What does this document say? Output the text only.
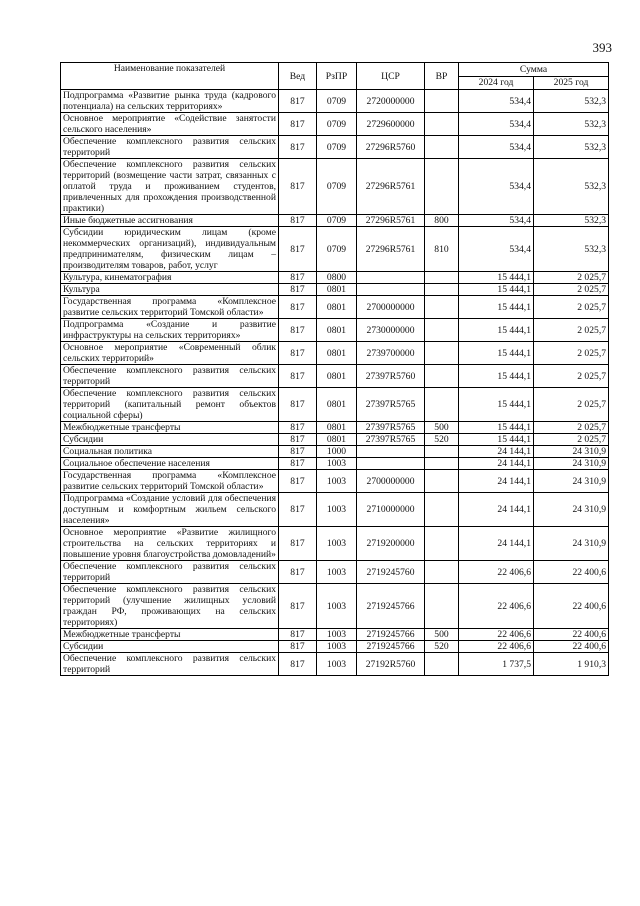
393
Наименование показателей	Вед	РзПР	ЦСР	ВР	Сумма	
					2024 год	2025 год
Подпрограмма «Развитие рынка труда (кадрового потенциала) на сельских территориях»	817	0709	2720000000		534,4	532,3
Основное мероприятие «Содействие занятости сельского населения»	817	0709	2729600000		534,4	532,3
Обеспечение комплексного развития сельских территорий	817	0709	27296R5760		534,4	532,3
Обеспечение комплексного развития сельских территорий (возмещение части затрат, связанных с оплатой труда и проживанием студентов, привлеченных для прохождения производственной практики)	817	0709	27296R5761		534,4	532,3
Иные бюджетные ассигнования	817	0709	27296R5761	800	534,4	532,3
Субсидии юридическим лицам (кроме некоммерческих организаций), индивидуальным предпринимателям, физическим лицам – производителям товаров, работ, услуг	817	0709	27296R5761	810	534,4	532,3
Культура, кинематография	817	0800			15 444,1	2 025,7
Культура	817	0801			15 444,1	2 025,7
Государственная программа «Комплексное развитие сельских территорий Томской области»	817	0801	2700000000		15 444,1	2 025,7
Подпрограмма «Создание и развитие инфраструктуры на сельских территориях»	817	0801	2730000000		15 444,1	2 025,7
Основное мероприятие «Современный облик сельских территорий»	817	0801	2739700000		15 444,1	2 025,7
Обеспечение комплексного развития сельских территорий	817	0801	27397R5760		15 444,1	2 025,7
Обеспечение комплексного развития сельских территорий (капитальный ремонт объектов социальной сферы)	817	0801	27397R5765		15 444,1	2 025,7
Межбюджетные трансферты	817	0801	27397R5765	500	15 444,1	2 025,7
Субсидии	817	0801	27397R5765	520	15 444,1	2 025,7
Социальная политика	817	1000			24 144,1	24 310,9
Социальное обеспечение населения	817	1003			24 144,1	24 310,9
Государственная программа «Комплексное развитие сельских территорий Томской области»	817	1003	2700000000		24 144,1	24 310,9
Подпрограмма «Создание условий для обеспечения доступным и комфортным жильем сельского населения»	817	1003	2710000000		24 144,1	24 310,9
Основное мероприятие «Развитие жилищного строительства на сельских территориях и повышение уровня благоустройства домовладений»	817	1003	2719200000		24 144,1	24 310,9
Обеспечение комплексного развития сельских территорий	817	1003	2719245760		22 406,6	22 400,6
Обеспечение комплексного развития сельских территорий (улучшение жилищных условий граждан РФ, проживающих на сельских территориях)	817	1003	2719245766		22 406,6	22 400,6
Межбюджетные трансферты	817	1003	2719245766	500	22 406,6	22 400,6
Субсидии	817	1003	2719245766	520	22 406,6	22 400,6
Обеспечение комплексного развития сельских территорий	817	1003	27192R5760		1 737,5	1 910,3
